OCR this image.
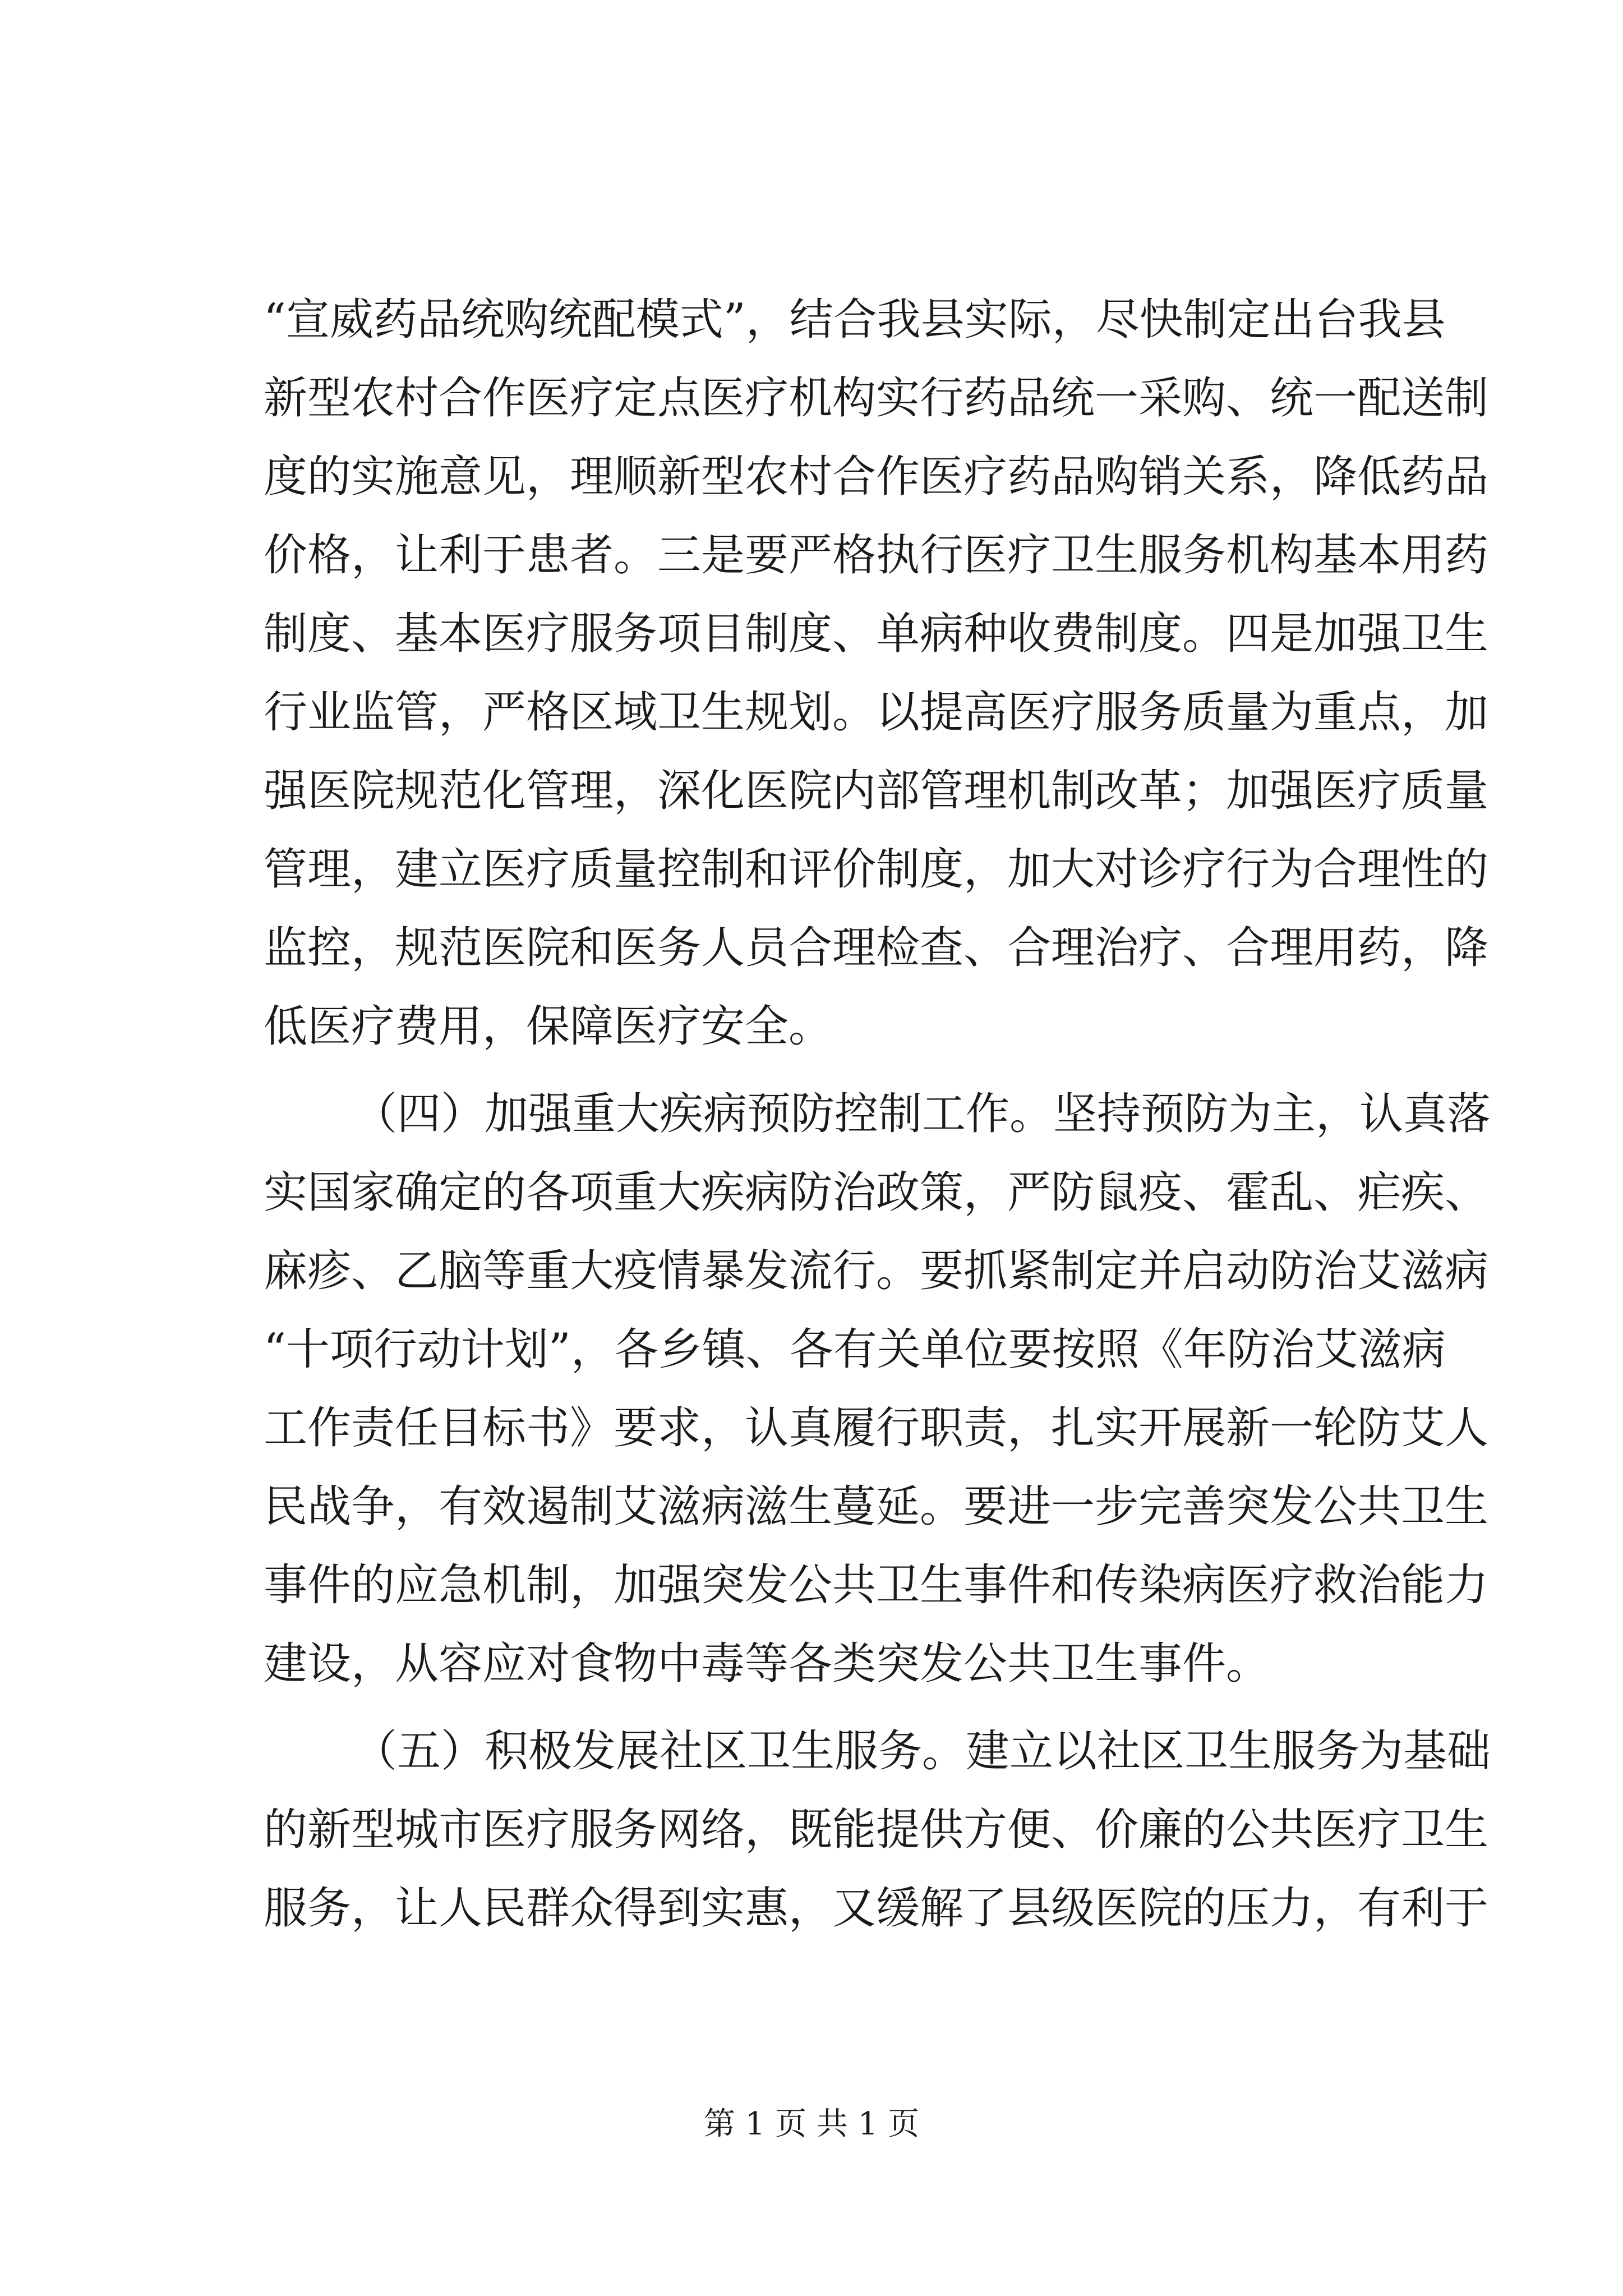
“宣威药品统购统配模式”，结合我县实际，尽快制定出台我县
新型农村合作医疗定点医疗机构实行药品统一采购、统一配送制
度的实施意见，理顺新型农村合作医疗药品购销关系，降低药品
价格，让利于患者。三是要严格执行医疗卫生服务机构基本用药
制度、基本医疗服务项目制度、单病种收费制度。四是加强卫生
行业监管，严格区域卫生规划。以提高医疗服务质量为重点，加
强医院规范化管理，深化医院内部管理机制改革；加强医疗质量
管理，建立医疗质量控制和评价制度，加大对诊疗行为合理性的
监控，规范医院和医务人员合理检查、合理治疗、合理用药，降
低医疗费用，保障医疗安全。
（四）加强重大疾病预防控制工作。坚持预防为主，认真落
实国家确定的各项重大疾病防治政策，严防鼠疫、霍乱、疟疾、
麻疹、乙脑等重大疫情暴发流行。要抓紧制定并启动防治艾滋病
“十项行动计划”，各乡镇、各有关单位要按照《年防治艾滋病
工作责任目标书》要求，认真履行职责，扎实开展新一轮防艾人
民战争，有效遏制艾滋病滋生蔓延。要进一步完善突发公共卫生
事件的应急机制，加强突发公共卫生事件和传染病医疗救治能力
建设，从容应对食物中毒等各类突发公共卫生事件。
（五）积极发展社区卫生服务。建立以社区卫生服务为基础
的新型城市医疗服务网络，既能提供方便、价廉的公共医疗卫生
服务，让人民群众得到实惠，又缓解了县级医院的压力，有利于
第 1 页 共 1 页
